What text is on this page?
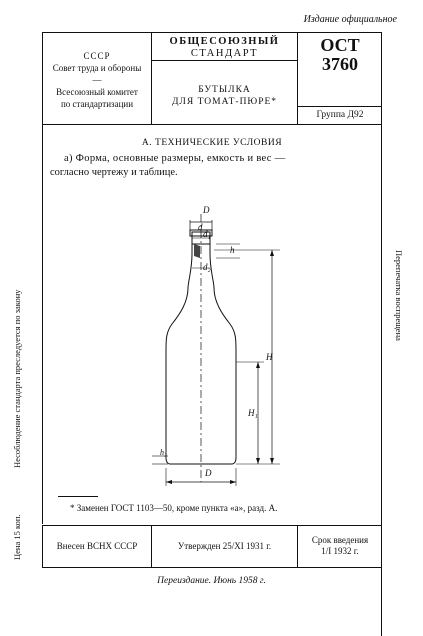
Издание официальное
СССР
Совет труда и обороны
—
Всесоюзный комитет
по стандартизации
ОБЩЕСОЮЗНЫЙ
СТАНДАРТ
БУТЫЛКА
ДЛЯ ТОМАТ-ПЮРЕ*
ОСТ
3760
Группа Д92
А. ТЕХНИЧЕСКИЕ УСЛОВИЯ
а) Форма, основные размеры, емкость и вес —
согласно чертежу и таблице.
D
d
d₁
d₂
h
H
H₁
h₂
D
* Заменен ГОСТ 1103—50, кроме пункта «а», разд. А.
Внесен ВСНХ СССР	Утвержден 25/XI 1931 г.
Срок введения
1/I 1932 г.
Переиздание. Июнь 1958 г.
Несоблюдение стандарта преследуется по закону
Цена 15 коп.
Перепечатка воспрещена
